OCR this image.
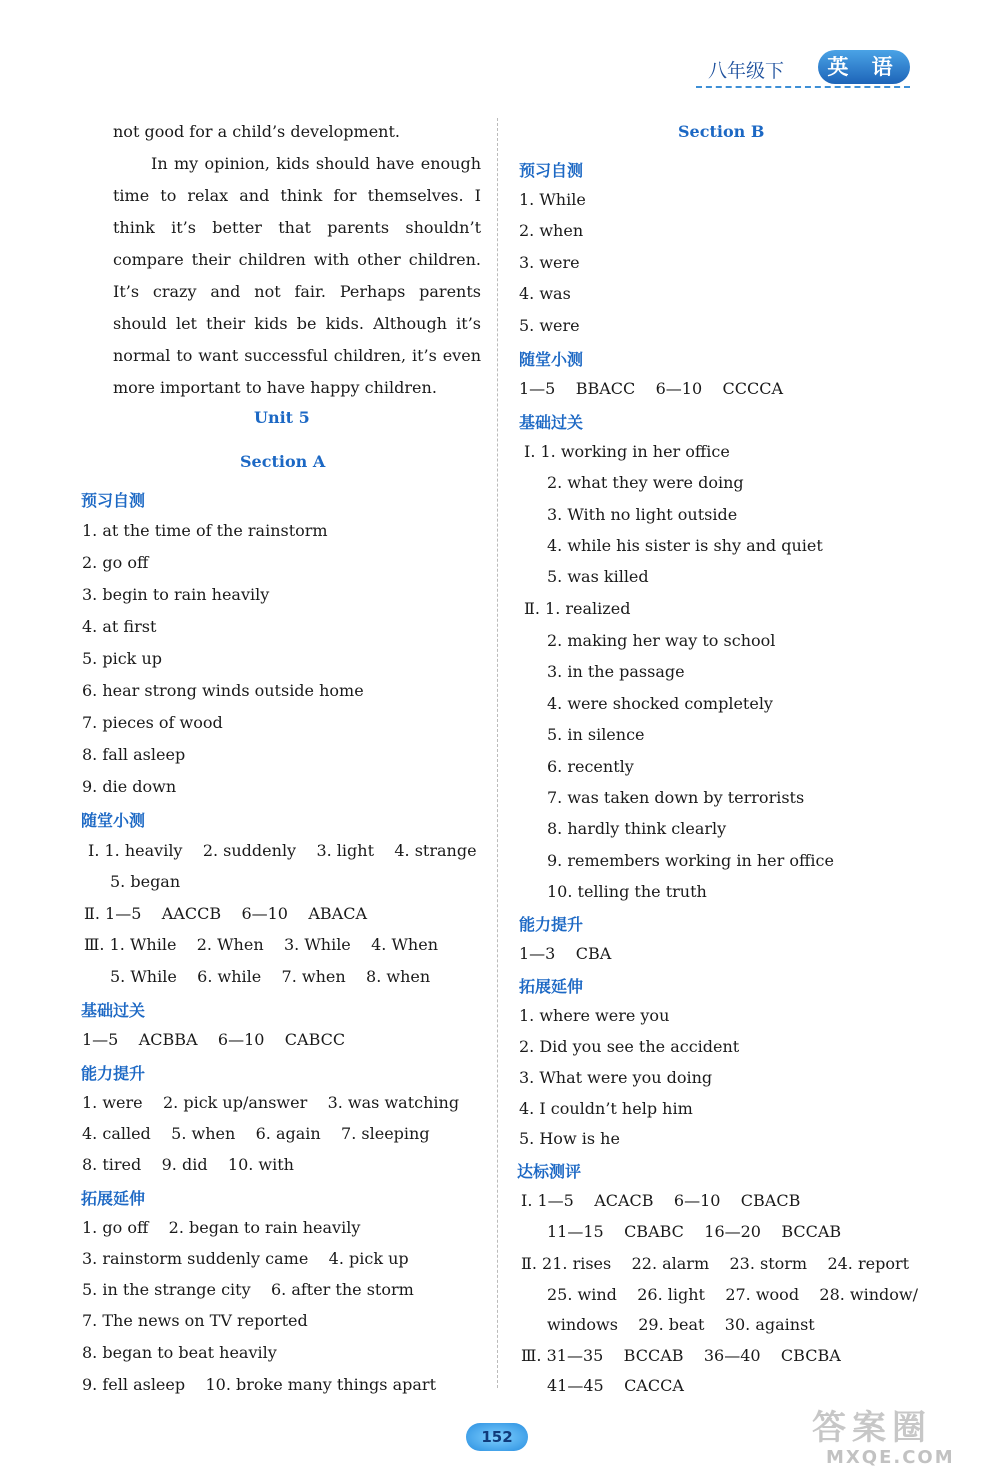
八年级下	英 语

not good for a child’s development.

In my opinion, kids should have enough time to relax and think for themselves. I think it’s better that parents shouldn’t compare their children with other children. It’s crazy and not fair. Perhaps parents should let their kids be kids. Although it’s normal to want successful children, it’s even more important to have happy children.

Unit 5
Section A
预习自测
1. at the time of the rainstorm
2. go off
3. begin to rain heavily
4. at first
5. pick up
6. hear strong winds outside home
7. pieces of wood
8. fall asleep
9. die down
随堂小测
Ⅰ. 1. heavily    2. suddenly    3. light    4. strange
5. began
Ⅱ. 1—5    AACCB    6—10    ABACA
Ⅲ. 1. While    2. When    3. While    4. When
5. While    6. while    7. when    8. when
基础过关
1—5    ACBBA    6—10    CABCC
能力提升
1. were    2. pick up/answer    3. was watching
4. called    5. when    6. again    7. sleeping
8. tired    9. did    10. with
拓展延伸
1. go off    2. began to rain heavily
3. rainstorm suddenly came    4. pick up
5. in the strange city    6. after the storm
7. The news on TV reported
8. began to beat heavily
9. fell asleep    10. broke many things apart
Section B
预习自测
1. While
2. when
3. were
4. was
5. were
随堂小测
1—5    BBACC    6—10    CCCCA
基础过关
Ⅰ. 1. working in her office
2. what they were doing
3. With no light outside
4. while his sister is shy and quiet
5. was killed
Ⅱ. 1. realized
2. making her way to school
3. in the passage
4. were shocked completely
5. in silence
6. recently
7. was taken down by terrorists
8. hardly think clearly
9. remembers working in her office
10. telling the truth
能力提升
1—3    CBA
拓展延伸
1. where were you
2. Did you see the accident
3. What were you doing
4. I couldn’t help him
5. How is he
达标测评
Ⅰ. 1—5    ACACB    6—10    CBACB
11—15    CBABC    16—20    BCCAB
Ⅱ. 21. rises    22. alarm    23. storm    24. report
25. wind    26. light    27. wood    28. window/
windows    29. beat    30. against
Ⅲ. 31—35    BCCAB    36—40    CBCBA
41—45    CACCA
152	答案圈
MXQE.COM
